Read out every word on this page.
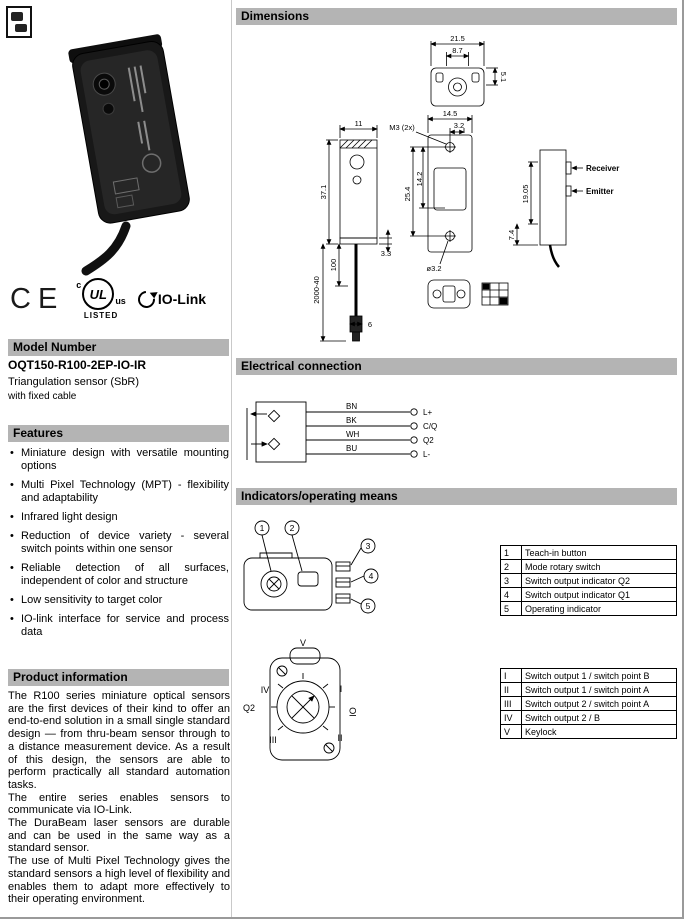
CE c
UL us
LISTED
IO-Link
Model Number
OQT150-R100-2EP-IO-IR
Triangulation sensor (SbR)
with fixed cable
Features
• Miniature design with versatile mounting options
• Multi Pixel Technology (MPT) - flexibility and adaptability
• Infrared light design
• Reduction of device variety - several switch points within one sensor
• Reliable detection of all surfaces, independent of color and structure
• Low sensitivity to target color
• IO-link interface for service and process data
Product information

The R100 series miniature optical sensors are the first devices of their kind to offer an end-to-end solution in a small single standard design — from thru-beam sensor through to a distance measurement device. As a result of this design, the sensors are able to perform practically all standard automation tasks.

The entire series enables sensors to communicate via IO-Link.

The DuraBeam laser sensors are durable and can be used in the same way as a standard sensor.

The use of Multi Pixel Technology gives the standard sensors a high level of flexibility and enables them to adapt more effectively to their operating environment.

Dimensions
21.5
8.7
5.1
11
37.1
3.3
2000-40
100
6
14.5
M3 (2x)	3.2
25.4
14.2
ø3.2
19.05
7.4
Receiver
Emitter
Electrical connection
BN
BK
WH
BU
L+
C/Q
Q2
L-
Indicators/operating means
1	2
3
4
5
1	Teach-in button
2	Mode rotary switch
3	Switch output indicator Q2
4	Switch output indicator Q1
5	Operating indicator
V
I
IO
II
III
IV
Q2
I	Switch output 1 / switch point B
II	Switch output 1 / switch point A
III	Switch output 2 / switch point A
IV	Switch output 2 / B
V	Keylock
